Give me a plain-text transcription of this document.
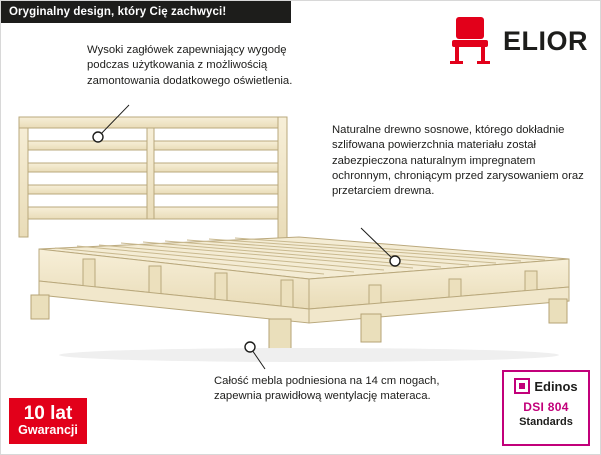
Oryginalny design, który Cię zachwyci!
ELIOR
Wysoki zagłówek zapewniający wygodę podczas użytkowania z możliwością zamontowania dodatkowego oświetlenia.
Naturalne drewno sosnowe, którego dokładnie szlifowana powierzchnia materiału został zabezpieczona naturalnym impregnatem ochronnym, chroniącym przed zarysowaniem oraz przetarciem drewna.
Całość mebla podniesiona na 14 cm nogach, zapewnia prawidłową wentylację materaca.
10 lat
Gwarancji
Edinos
DSI 804
Standards
